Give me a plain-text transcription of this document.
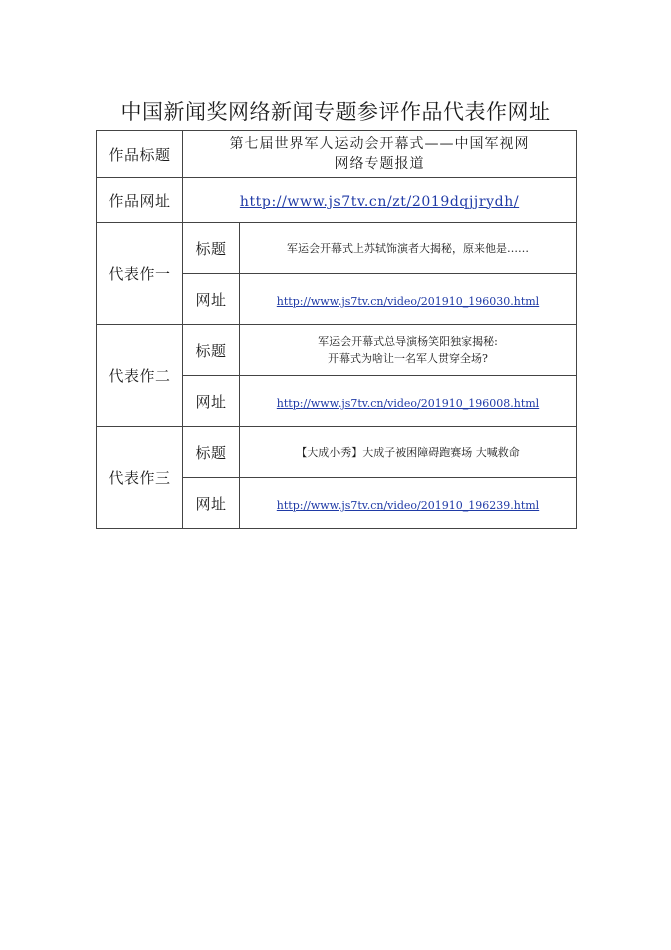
中国新闻奖网络新闻专题参评作品代表作网址
作品标题	第七届世界军人运动会开幕式——中国军视网
网络专题报道	

作品网址	http://www.js7tv.cn/zt/2019dqjjrydh/	
代表作一	标题	军运会开幕式上苏轼饰演者大揭秘，原来他是……

	网址	http://www.js7tv.cn/video/201910_196030.html
代表作二	标题	军运会开幕式总导演杨笑阳独家揭秘:
开幕式为啥让一名军人贯穿全场?

	网址	http://www.js7tv.cn/video/201910_196008.html
代表作三	标题	【大成小秀】大成子被困障碍跑赛场 大喊救命

	网址	http://www.js7tv.cn/video/201910_196239.html
